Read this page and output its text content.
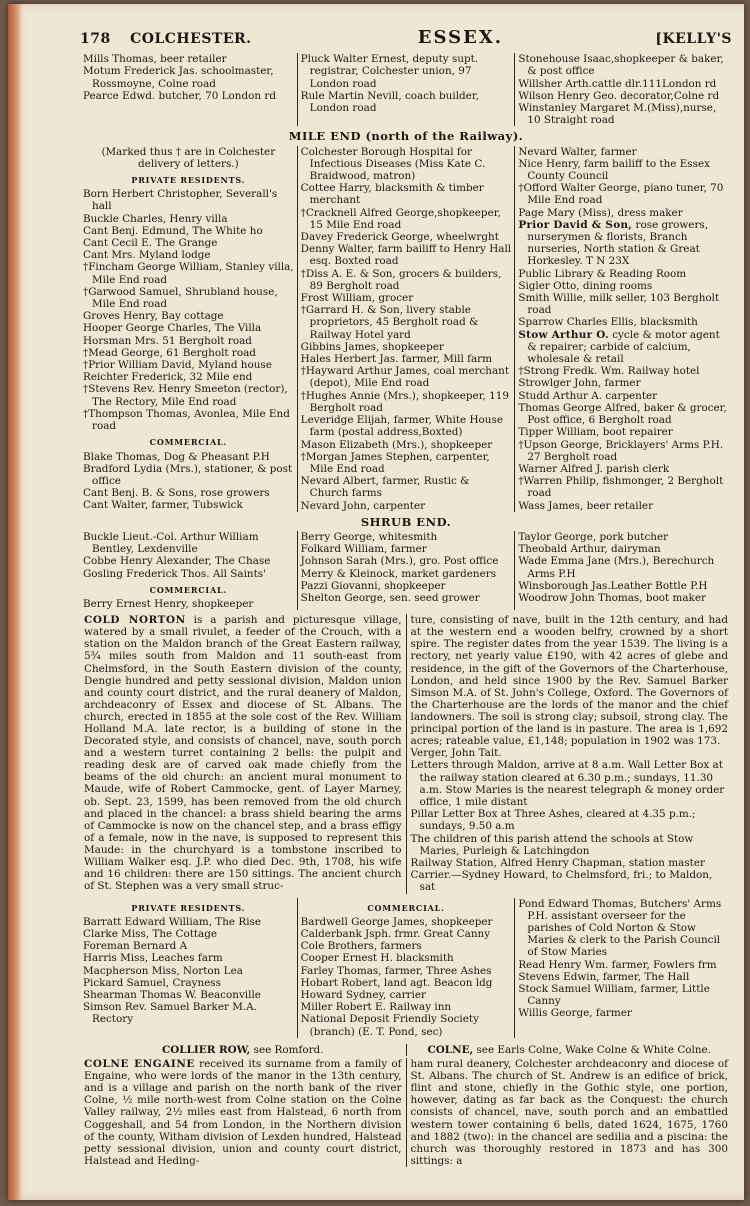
178 COLCHESTER.	ESSEX.	[KELLY'S
Mills Thomas, beer retailer
Motum Frederick Jas. schoolmaster, Rossmoyne, Colne road
Pearce Edwd. butcher, 70 London rd
Pluck Walter Ernest, deputy supt. registrar, Colchester union, 97 London road
Rule Martin Nevill, coach builder, London road
Stonehouse Isaac,shopkeeper & baker, & post office
Willsher Arth.cattle dlr.111London rd
Wilson Henry Geo. decorator,Colne rd
Winstanley Margaret M.(Miss),nurse, 10 Straight road
MILE END (north of the Railway).
(Marked thus † are in Colchester delivery of letters.)
PRIVATE RESIDENTS.
Born Herbert Christopher, Severall's hall
Buckle Charles, Henry villa
Cant Benj. Edmund, The White ho
Cant Cecil E. The Grange
Cant Mrs. Myland lodge
†Fincham George William, Stanley villa, Mile End road
†Garwood Samuel, Shrubland house, Mile End road
Groves Henry, Bay cottage
Hooper George Charles, The Villa
Horsman Mrs. 51 Bergholt road
†Mead George, 61 Bergholt road
†Prior William David, Myland house
Reichter Frederick, 32 Mile end
†Stevens Rev. Henry Smeeton (rector), The Rectory, Mile End road
†Thompson Thomas, Avonlea, Mile End road
COMMERCIAL.
Blake Thomas, Dog & Pheasant P.H
Bradford Lydia (Mrs.), stationer, & post office
Cant Benj. B. & Sons, rose growers
Cant Walter, farmer, Tubswick
Colchester Borough Hospital for Infectious Diseases (Miss Kate C. Braidwood, matron)
Cottee Harry, blacksmith & timber merchant
†Cracknell Alfred George,shopkeeper, 15 Mile End road
Davey Frederick George, wheelwrght
Denny Walter, farm bailiff to Henry Hall esq. Boxted road
†Diss A. E. & Son, grocers & builders, 89 Bergholt road
Frost William, grocer
†Garrard H. & Son, livery stable proprietors, 45 Bergholt road & Railway Hotel yard
Gibbins James, shopkeeper
Hales Herbert Jas. farmer, Mill farm
†Hayward Arthur James, coal merchant (depot), Mile End road
†Hughes Annie (Mrs.), shopkeeper, 119 Bergholt road
Leveridge Elijah, farmer, White House farm (postal address,Boxted)
Mason Elizabeth (Mrs.), shopkeeper
†Morgan James Stephen, carpenter, Mile End road
Nevard Albert, farmer, Rustic & Church farms
Nevard John, carpenter
Nevard Walter, farmer
Nice Henry, farm bailiff to the Essex County Council
†Offord Walter George, piano tuner, 70 Mile End road
Page Mary (Miss), dress maker
Prior David & Son, rose growers, nurserymen & florists, Branch nurseries, North station & Great Horkesley. T N 23X
Public Library & Reading Room
Sigler Otto, dining rooms
Smith Willie, milk seller, 103 Bergholt road
Sparrow Charles Ellis, blacksmith
Stow Arthur O. cycle & motor agent & repairer; carbide of calcium, wholesale & retail
†Strong Fredk. Wm. Railway hotel
Strowlger John, farmer
Studd Arthur A. carpenter
Thomas George Alfred, baker & grocer, Post office, 6 Bergholt road
Tipper William, boot repairer
†Upson George, Bricklayers' Arms P.H. 27 Bergholt road
Warner Alfred J. parish clerk
†Warren Philip, fishmonger, 2 Bergholt road
Wass James, beer retailer
SHRUB END.
Buckle Lieut.-Col. Arthur William Bentley, Lexdenville
Cobbe Henry Alexander, The Chase
Gosling Frederick Thos. All Saints'
COMMERCIAL.
Berry Ernest Henry, shopkeeper
Berry George, whitesmith
Folkard William, farmer
Johnson Sarah (Mrs.), gro. Post office
Merry & Kleinock, market gardeners
Pazzi Giovanni, shopkeeper
Shelton George, sen. seed grower
Taylor George, pork butcher
Theobald Arthur, dairyman
Wade Emma Jane (Mrs.), Berechurch Arms P.H
Winsborough Jas.Leather Bottle P.H
Woodrow John Thomas, boot maker
COLD NORTON is a parish and picturesque village, watered by a small rivulet, a feeder of the Crouch, with a station on the Maldon branch of the Great Eastern railway, 5¾ miles south from Maldon and 11 south-east from Chelmsford, in the South Eastern division of the county, Dengie hundred and petty sessional division, Maldon union and county court district, and the rural deanery of Maldon, archdeaconry of Essex and diocese of St. Albans. The church, erected in 1855 at the sole cost of the Rev. William Holland M.A. late rector, is a building of stone in the Decorated style, and consists of chancel, nave, south porch and a western turret containing 2 bells: the pulpit and reading desk are of carved oak made chiefly from the beams of the old church: an ancient mural monument to Maude, wife of Robert Cammocke, gent. of Layer Marney, ob. Sept. 23, 1599, has been removed from the old church and placed in the chancel: a brass shield bearing the arms of Cammocke is now on the chancel step, and a brass effigy of a female, now in the nave, is supposed to represent this Maude: in the churchyard is a tombstone inscribed to William Walker esq. J.P. who died Dec. 9th, 1708, his wife and 16 children: there are 150 sittings. The ancient church of St. Stephen was a very small struc-
ture, consisting of nave, built in the 12th century, and had at the western end a wooden belfry, crowned by a short spire. The register dates from the year 1539. The living is a rectory, net yearly value £190, with 42 acres of glebe and residence, in the gift of the Governors of the Charterhouse, London, and held since 1900 by the Rev. Samuel Barker Simson M.A. of St. John's College, Oxford. The Governors of the Charterhouse are the lords of the manor and the chief landowners. The soil is strong clay; subsoil, strong clay. The principal portion of the land is in pasture. The area is 1,692 acres; rateable value, £1,148; population in 1902 was 173.
Verger, John Tait.
Letters through Maldon, arrive at 8 a.m. Wall Letter Box at the railway station cleared at 6.30 p.m.; sundays, 11.30 a.m. Stow Maries is the nearest telegraph & money order office, 1 mile distant
Pillar Letter Box at Three Ashes, cleared at 4.35 p.m.; sundays, 9.50 a.m
The children of this parish attend the schools at Stow Maries, Purleigh & Latchingdon
Railway Station, Alfred Henry Chapman, station master
Carrier.—Sydney Howard, to Chelmsford, fri.; to Maldon, sat
PRIVATE RESIDENTS.
Barratt Edward William, The Rise
Clarke Miss, The Cottage
Foreman Bernard A
Harris Miss, Leaches farm
Macpherson Miss, Norton Lea
Pickard Samuel, Crayness
Shearman Thomas W. Beaconville
Simson Rev. Samuel Barker M.A. Rectory
COMMERCIAL.
Bardwell George James, shopkeeper
Calderbank Jsph. frmr. Great Canny
Cole Brothers, farmers
Cooper Ernest H. blacksmith
Farley Thomas, farmer, Three Ashes
Hobart Robert, land agt. Beacon ldg
Howard Sydney, carrier
Miller Robert E. Railway inn
National Deposit Friendly Society (branch) (E. T. Pond, sec)
Pond Edward Thomas, Butchers' Arms P.H. assistant overseer for the parishes of Cold Norton & Stow Maries & clerk to the Parish Council of Stow Maries
Read Henry Wm. farmer, Fowlers frm
Stevens Edwin, farmer, The Hall
Stock Samuel William, farmer, Little Canny
Willis George, farmer
COLLIER ROW, see Romford.	COLNE, see Earls Colne, Wake Colne & White Colne.
COLNE ENGAINE received its surname from a family of Engaine, who were lords of the manor in the 13th century, and is a village and parish on the north bank of the river Colne, ½ mile north-west from Colne station on the Colne Valley railway, 2½ miles east from Halstead, 6 north from Coggeshall, and 54 from London, in the Northern division of the county, Witham division of Lexden hundred, Halstead petty sessional division, union and county court district, Halstead and Heding-
ham rural deanery, Colchester archdeaconry and diocese of St. Albans. The church of St. Andrew is an edifice of brick, flint and stone, chiefly in the Gothic style, one portion, however, dating as far back as the Conquest: the church consists of chancel, nave, south porch and an embattled western tower containing 6 bells, dated 1624, 1675, 1760 and 1882 (two): in the chancel are sedilia and a piscina: the church was thoroughly restored in 1873 and has 300 sittings: a
